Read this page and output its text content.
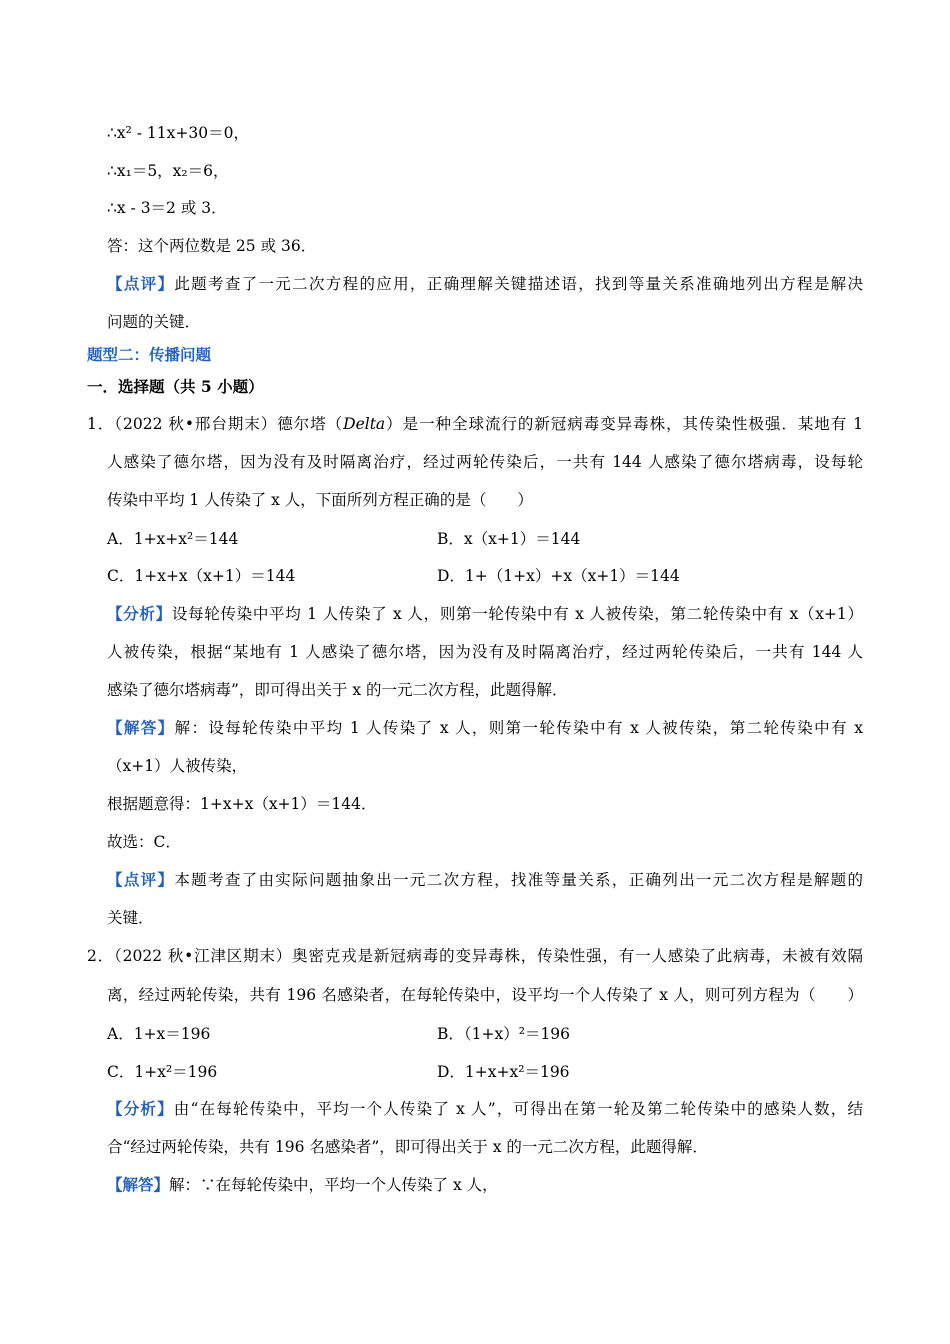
∴x² - 11x+30＝0，
∴x₁＝5，x₂＝6，
∴x - 3＝2 或 3．
答：这个两位数是 25 或 36．
【点评】此题考查了一元二次方程的应用，正确理解关键描述语，找到等量关系准确地列出方程是解决
问题的关键．
题型二：传播问题
一．选择题（共 5 小题）
1．（2022 秋•邢台期末）德尔塔（Delta）是一种全球流行的新冠病毒变异毒株，其传染性极强．某地有 1
人感染了德尔塔，因为没有及时隔离治疗，经过两轮传染后，一共有 144 人感染了德尔塔病毒，设每轮
传染中平均 1 人传染了 x 人，下面所列方程正确的是（　　）
A．1+x+x²＝144	B．x（x+1）＝144
C．1+x+x（x+1）＝144	D．1+（1+x）+x（x+1）＝144
【分析】设每轮传染中平均 1 人传染了 x 人，则第一轮传染中有 x 人被传染，第二轮传染中有 x（x+1）
人被传染，根据“某地有 1 人感染了德尔塔，因为没有及时隔离治疗，经过两轮传染后，一共有 144 人
感染了德尔塔病毒”，即可得出关于 x 的一元二次方程，此题得解．
【解答】解：设每轮传染中平均 1 人传染了 x 人，则第一轮传染中有 x 人被传染，第二轮传染中有 x
（x+1）人被传染，
根据题意得：1+x+x（x+1）＝144．
故选：C．
【点评】本题考查了由实际问题抽象出一元二次方程，找准等量关系，正确列出一元二次方程是解题的
关键．
2．（2022 秋•江津区期末）奥密克戎是新冠病毒的变异毒株，传染性强，有一人感染了此病毒，未被有效隔
离，经过两轮传染，共有 196 名感染者，在每轮传染中，设平均一个人传染了 x 人，则可列方程为（　　）
A．1+x＝196	B．（1+x）²＝196
C．1+x²＝196	D．1+x+x²＝196
【分析】由“在每轮传染中，平均一个人传染了 x 人”，可得出在第一轮及第二轮传染中的感染人数，结
合“经过两轮传染，共有 196 名感染者”，即可得出关于 x 的一元二次方程，此题得解．
【解答】解：∵在每轮传染中，平均一个人传染了 x 人，
